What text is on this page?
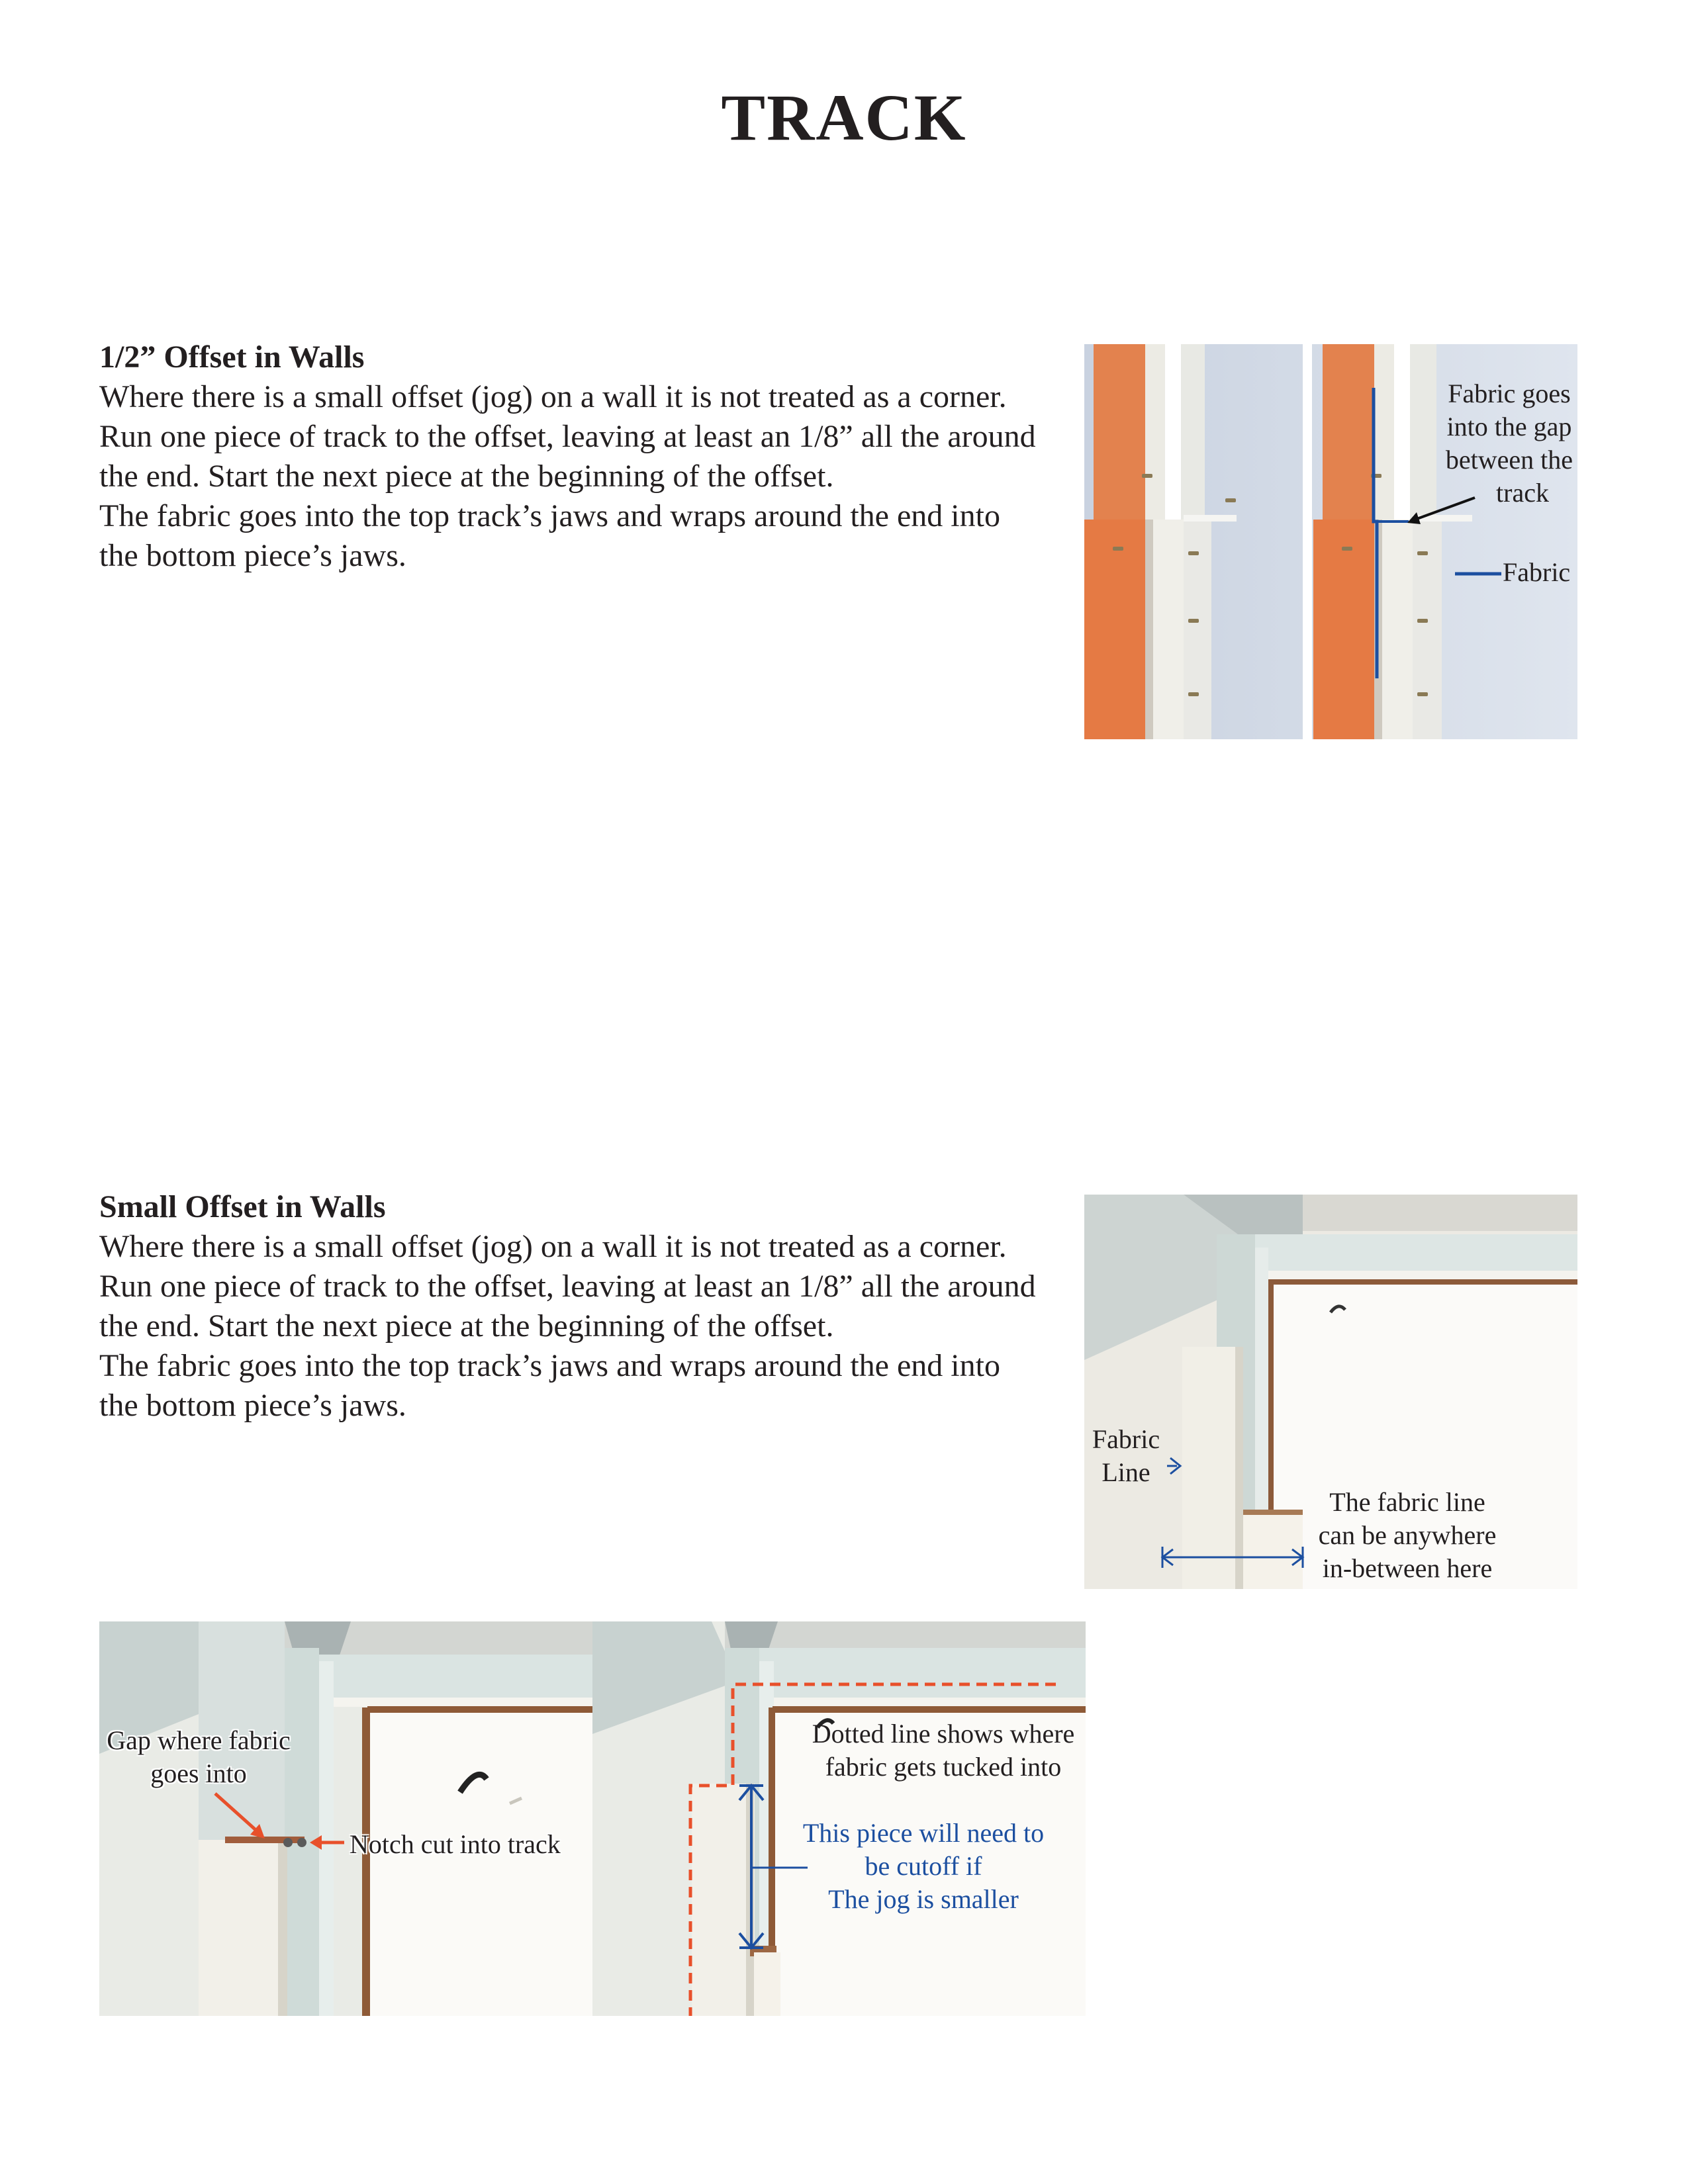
TRACK
1/2” Offset in Walls

Where there is a small offset (jog) on a wall it is not treated as a corner.

Run one piece of track to the offset, leaving at least an 1/8” all the around

the end. Start the next piece at the beginning of the offset.

The fabric goes into the top track’s jaws and wraps around the end into

the bottom piece’s jaws.

Fabric goes
into the gap
between the
track
Fabric
Small Offset in Walls

Where there is a small offset (jog) on a wall it is not treated as a corner.

Run one piece of track to the offset, leaving at least an 1/8” all the around

the end. Start the next piece at the beginning of the offset.

The fabric goes into the top track’s jaws and wraps around the end into

the bottom piece’s jaws.

Fabric
Line
The fabric line
can be anywhere
in-between here
Gap where fabric
goes into
Notch cut into track
Dotted line shows where
fabric gets tucked into
This piece will need to
be cutoff if
The jog is smaller
